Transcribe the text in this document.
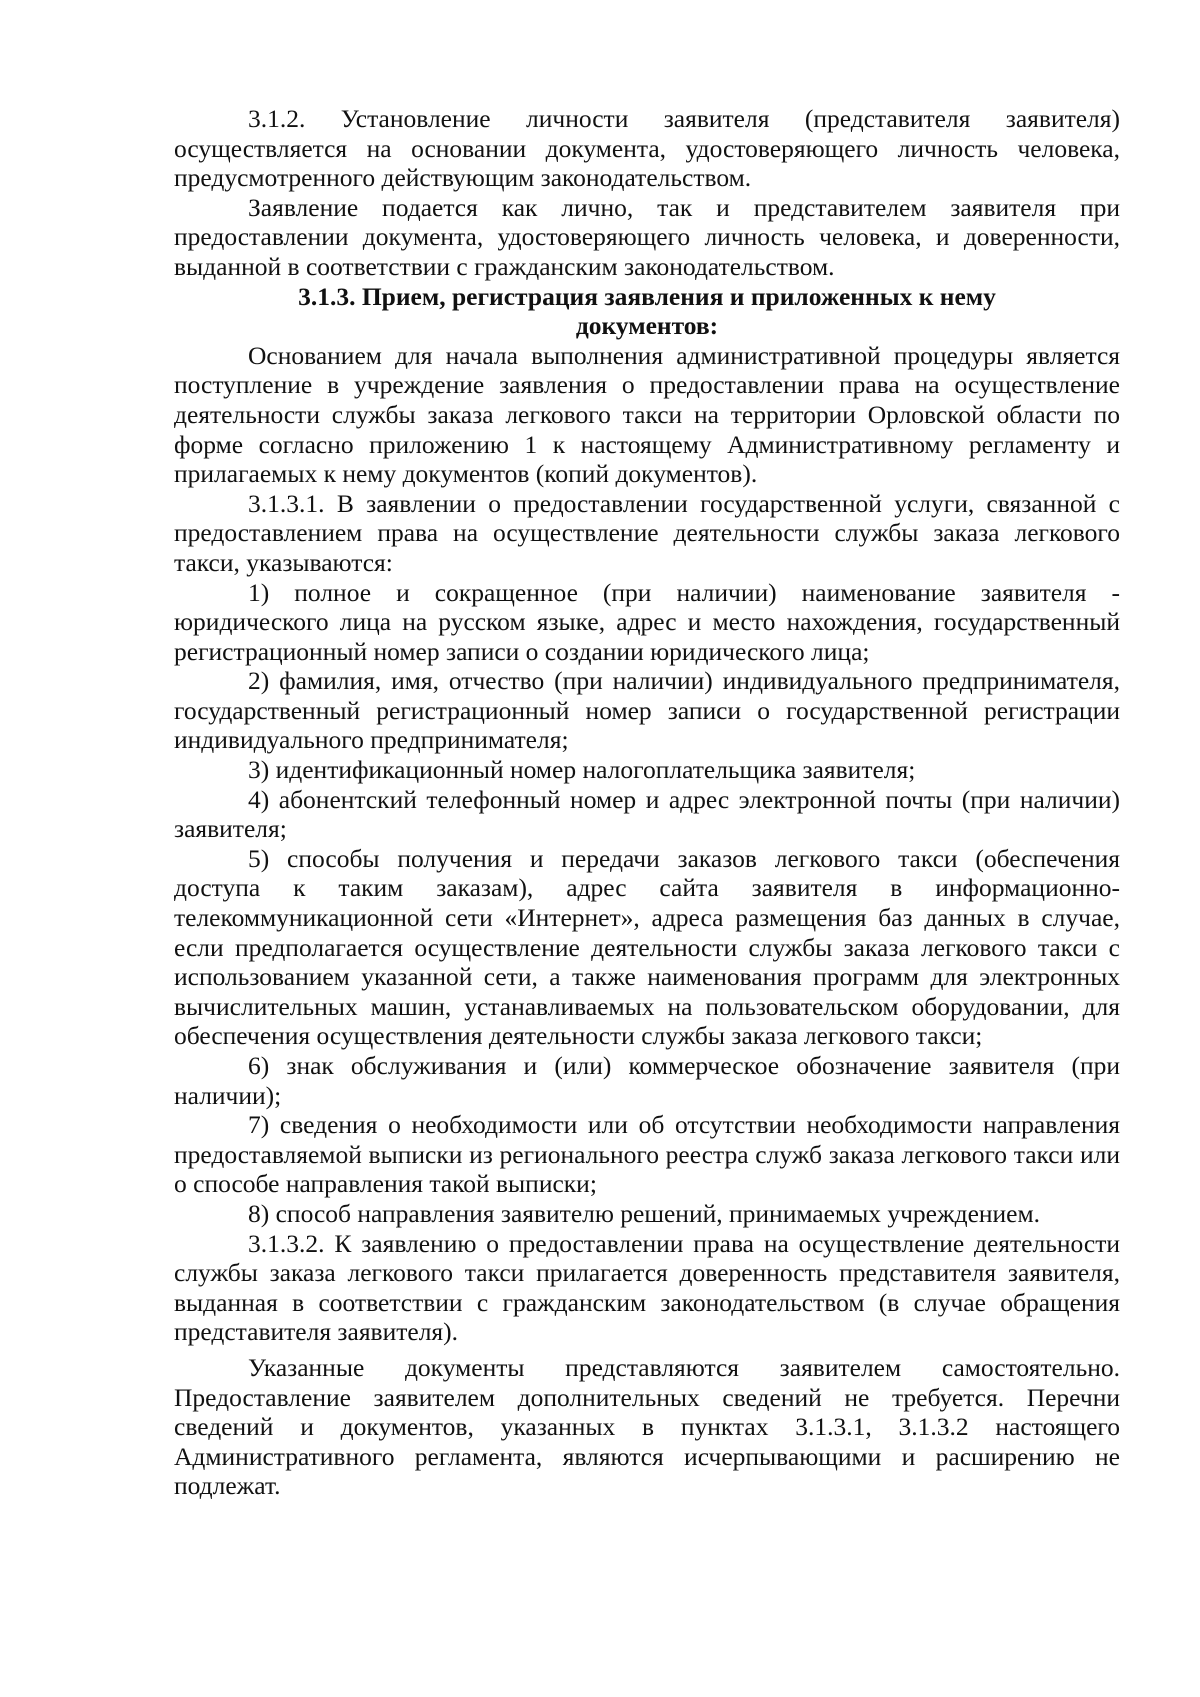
3.1.2. Установление личности заявителя (представителя заявителя) осуществляется на основании документа, удостоверяющего личность человека, предусмотренного действующим законодательством.

Заявление подается как лично, так и представителем заявителя при предоставлении документа, удостоверяющего личность человека, и доверенности, выданной в соответствии с гражданским законодательством.

3.1.3. Прием, регистрация заявления и приложенных к нему документов:

Основанием для начала выполнения административной процедуры является поступление в учреждение заявления о предоставлении права на осуществление деятельности службы заказа легкового такси на территории Орловской области по форме согласно приложению 1 к настоящему Административному регламенту и прилагаемых к нему документов (копий документов).

3.1.3.1. В заявлении о предоставлении государственной услуги, связанной с предоставлением права на осуществление деятельности службы заказа легкового такси, указываются:

1) полное и сокращенное (при наличии) наименование заявителя - юридического лица на русском языке, адрес и место нахождения, государственный регистрационный номер записи о создании юридического лица;

2) фамилия, имя, отчество (при наличии) индивидуального предпринимателя, государственный регистрационный номер записи о государственной регистрации индивидуального предпринимателя;

3) идентификационный номер налогоплательщика заявителя;

4) абонентский телефонный номер и адрес электронной почты (при наличии) заявителя;

5) способы получения и передачи заказов легкового такси (обеспечения доступа к таким заказам), адрес сайта заявителя в информационно-телекоммуникационной сети «Интернет», адреса размещения баз данных в случае, если предполагается осуществление деятельности службы заказа легкового такси с использованием указанной сети, а также наименования программ для электронных вычислительных машин, устанавливаемых на пользовательском оборудовании, для обеспечения осуществления деятельности службы заказа легкового такси;

6) знак обслуживания и (или) коммерческое обозначение заявителя (при наличии);

7) сведения о необходимости или об отсутствии необходимости направления предоставляемой выписки из регионального реестра служб заказа легкового такси или о способе направления такой выписки;

8) способ направления заявителю решений, принимаемых учреждением.

3.1.3.2. К заявлению о предоставлении права на осуществление деятельности службы заказа легкового такси прилагается доверенность представителя заявителя, выданная в соответствии с гражданским законодательством (в случае обращения представителя заявителя).

Указанные документы представляются заявителем самостоятельно. Предоставление заявителем дополнительных сведений не требуется. Перечни сведений и документов, указанных в пунктах 3.1.3.1, 3.1.3.2 настоящего Административного регламента, являются исчерпывающими и расширению не подлежат.
